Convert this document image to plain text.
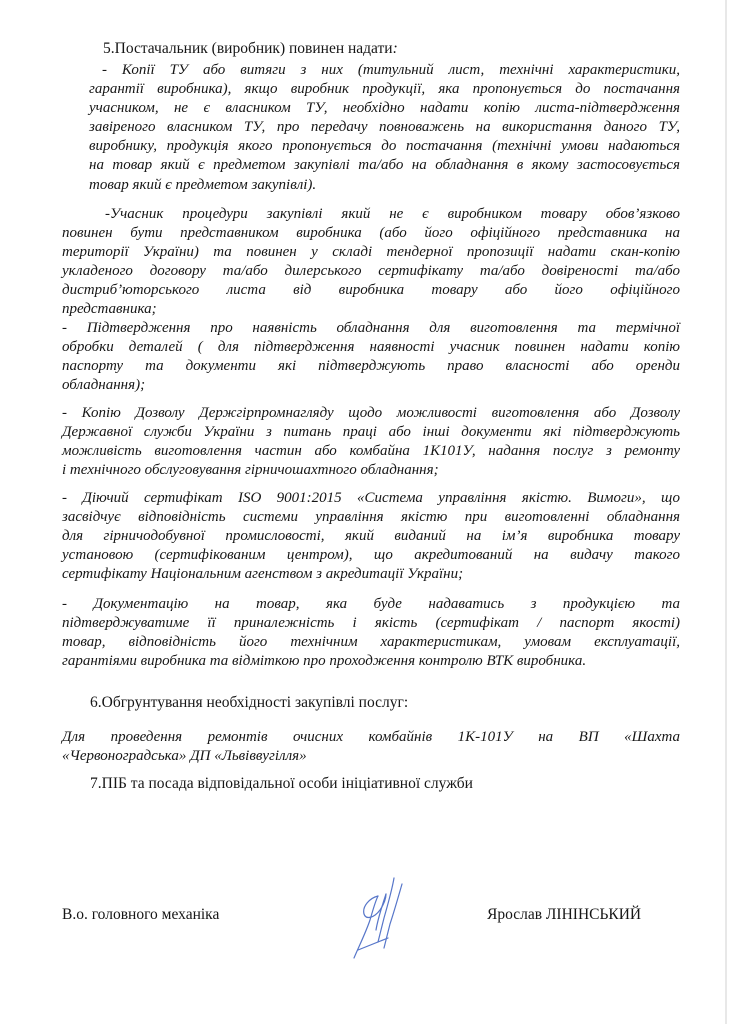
5.Постачальник (виробник) повинен надати:
- Копії ТУ або витяги з них (титульний лист, технічні характеристики,
гарантії виробника), якщо виробник продукції, яка пропонується до постачання
учасником, не є власником ТУ, необхідно надати копію листа-підтвердження
завіреного власником ТУ, про передачу повноважень на використання даного ТУ,
виробнику, продукція якого пропонується до постачання (технічні умови надаються
на товар який є предметом закупівлі та/або на обладнання в якому застосовується
товар який є предметом закупівлі).
-Учасник процедури закупівлі який не є виробником товару обов’язково
повинен бути представником виробника (або його офіційного представника на
території України) та повинен у складі тендерної пропозиції надати скан-копію
укладеного договору та/або дилерського сертифікату та/або довіреності та/або
дистриб’юторського листа від виробника товару або його офіційного
представника;
- Підтвердження про наявність обладнання для виготовлення та термічної
обробки деталей ( для підтвердження наявності учасник повинен надати копію
паспорту та документи які підтверджують право власності або оренди
обладнання);
- Копію Дозволу Держгірпромнагляду щодо можливості виготовлення або Дозволу
Державної служби України з питань праці або інші документи які підтверджують
можливість виготовлення частин або комбайна 1К101У, надання послуг з ремонту
і технічного обслуговування гірничошахтного обладнання;
- Діючий сертифікат ISO 9001:2015 «Система управління якістю. Вимоги», що
засвідчує відповідність системи управління якістю при виготовленні обладнання
для гірничодобувної промисловості, який виданий на ім’я виробника товару
установою (сертифікованим центром), що акредитований на видачу такого
сертифікату Національним агенством з акредитації України;
- Документацію на товар, яка буде надаватись з продукцією та
підтверджуватиме її приналежність і якість (сертифікат / паспорт якості)
товар, відповідність його технічним характеристикам, умовам експлуатації,
гарантіями виробника та відміткою про проходження контролю ВТК виробника.
6.Обгрунтування необхідності закупівлі послуг:
Для проведення ремонтів очисних комбайнів 1К-101У на ВП «Шахта
«Червоноградська» ДП «Львіввугілля»
7.ПІБ та посада відповідальної особи ініціативної служби
В.о. головного механіка	Ярослав ЛІНІНСЬКИЙ
